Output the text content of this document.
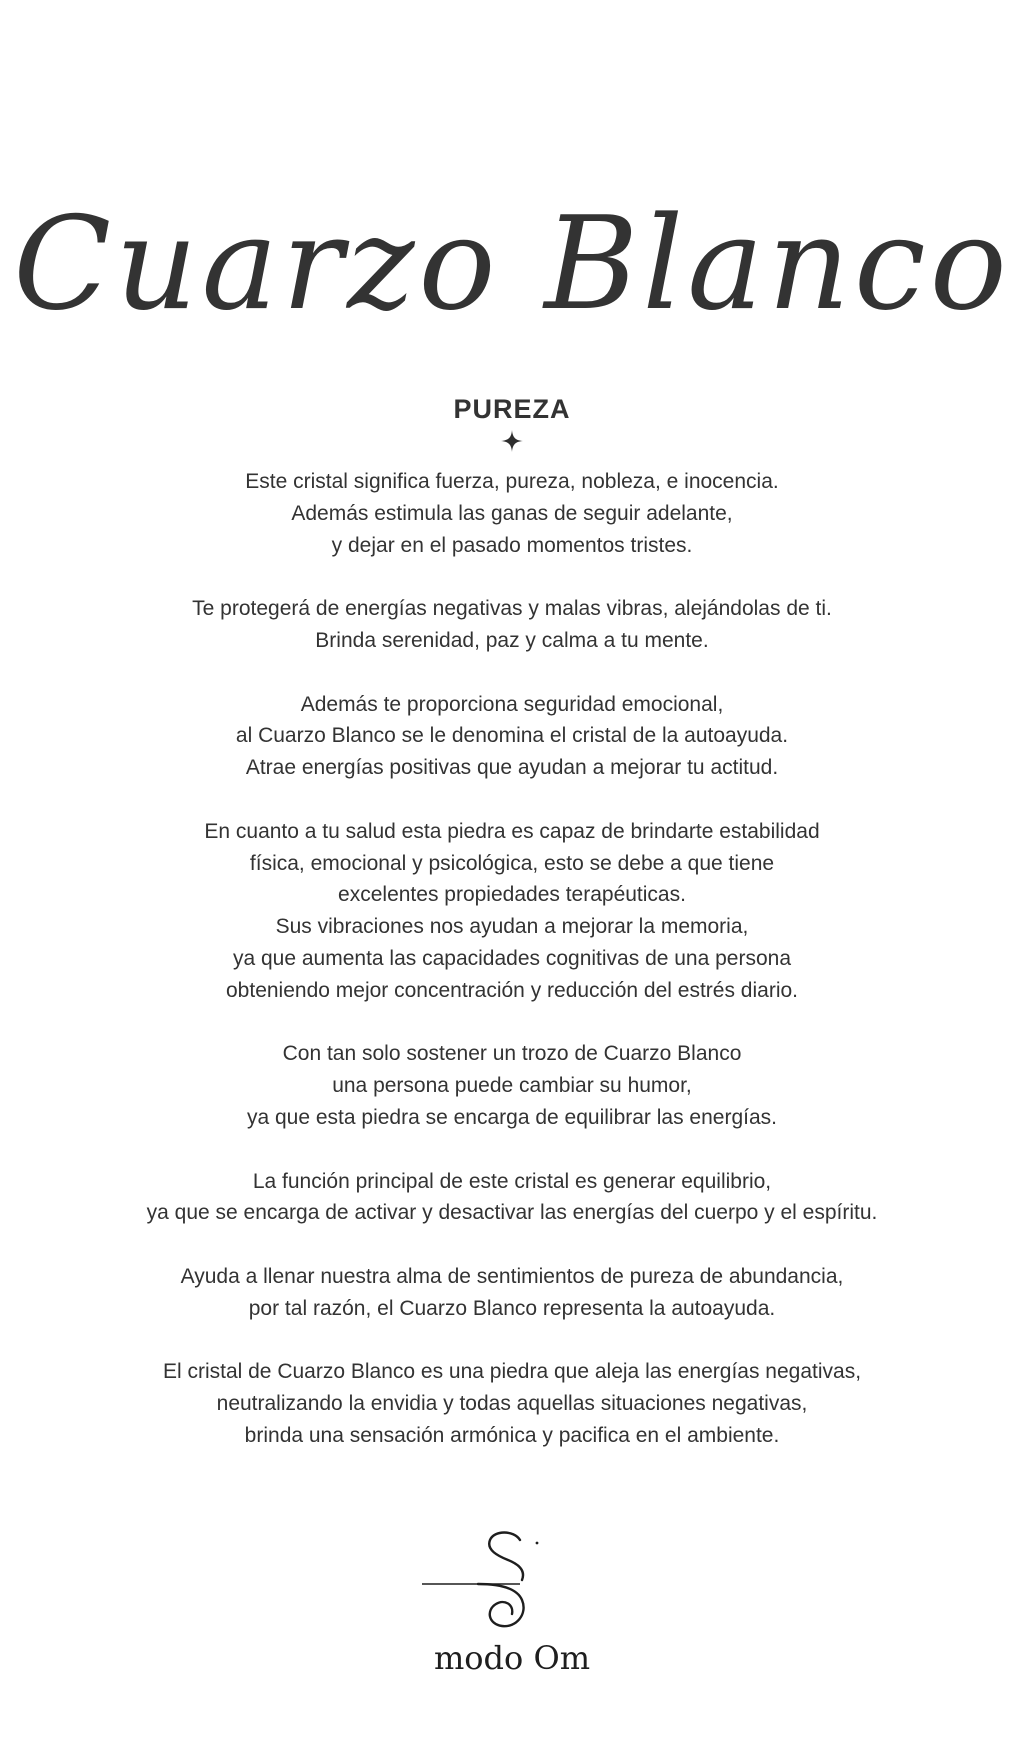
Cuarzo Blanco
PUREZA

Este cristal significa fuerza, pureza, nobleza, e inocencia.
Además estimula las ganas de seguir adelante,
y dejar en el pasado momentos tristes.

Te protegerá de energías negativas y malas vibras, alejándolas de ti.
Brinda serenidad, paz y calma a tu mente.

Además te proporciona seguridad emocional,
al Cuarzo Blanco se le denomina el cristal de la autoayuda.
Atrae energías positivas que ayudan a mejorar tu actitud.

En cuanto a tu salud esta piedra es capaz de brindarte estabilidad
física, emocional y psicológica, esto se debe a que tiene
excelentes propiedades terapéuticas.
Sus vibraciones nos ayudan a mejorar la memoria,
ya que aumenta las capacidades cognitivas de una persona
obteniendo mejor concentración y reducción del estrés diario.

Con tan solo sostener un trozo de Cuarzo Blanco
una persona puede cambiar su humor,
ya que esta piedra se encarga de equilibrar las energías.

La función principal de este cristal es generar equilibrio,
ya que se encarga de activar y desactivar las energías del cuerpo y el espíritu.

Ayuda a llenar nuestra alma de sentimientos de pureza de abundancia,
por tal razón, el Cuarzo Blanco representa la autoayuda.

El cristal de Cuarzo Blanco es una piedra que aleja las energías negativas,
neutralizando la envidia y todas aquellas situaciones negativas,
brinda una sensación armónica y pacifica en el ambiente.

modo Om
